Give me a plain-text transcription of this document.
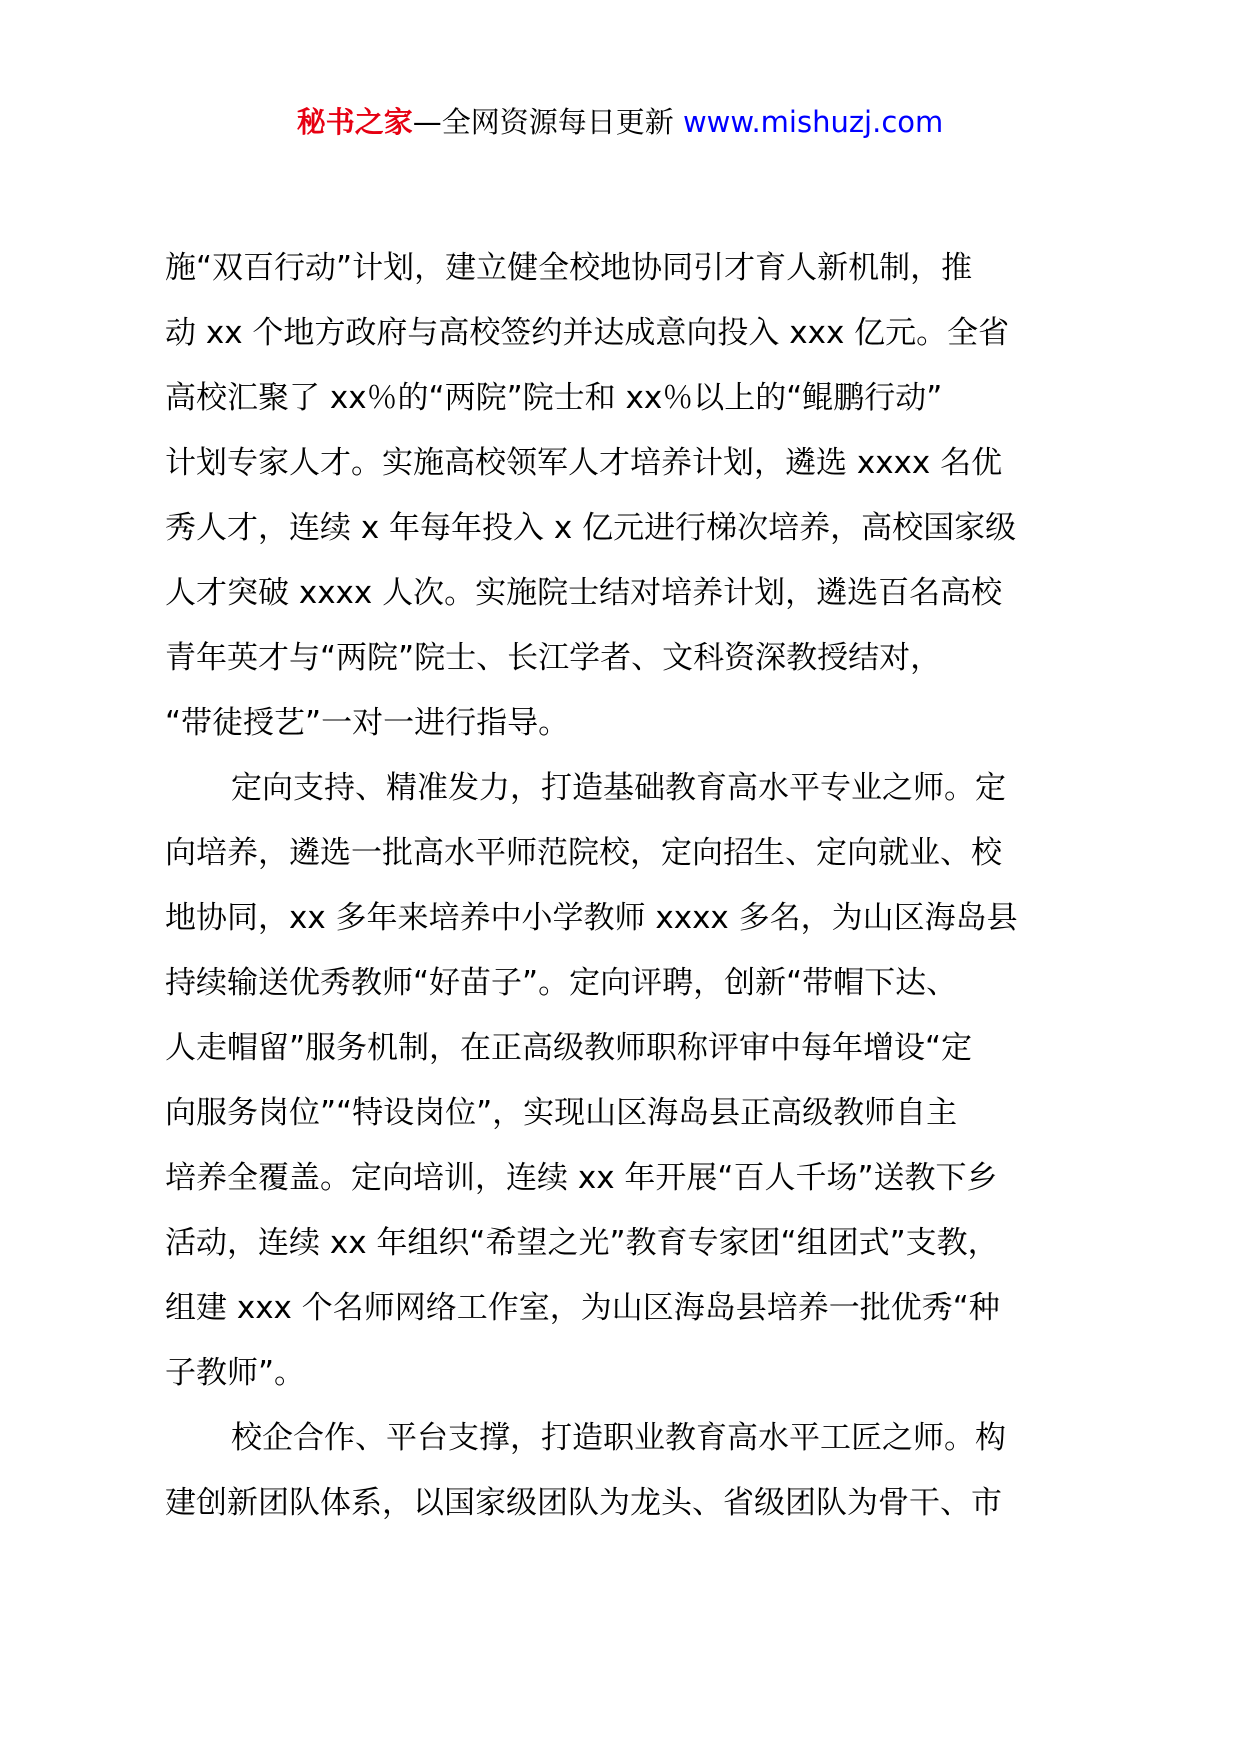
秘书之家—全网资源每日更新 www.mishuzj.com
施“双百行动”计划，建立健全校地协同引才育人新机制，推
动 xx 个地方政府与高校签约并达成意向投入 xxx 亿元。全省
高校汇聚了 xx％的“两院”院士和 xx％以上的“鲲鹏行动”
计划专家人才。实施高校领军人才培养计划，遴选 xxxx 名优
秀人才，连续 x 年每年投入 x 亿元进行梯次培养，高校国家级
人才突破 xxxx 人次。实施院士结对培养计划，遴选百名高校
青年英才与“两院”院士、长江学者、文科资深教授结对，
“带徒授艺”一对一进行指导。
定向支持、精准发力，打造基础教育高水平专业之师。定
向培养，遴选一批高水平师范院校，定向招生、定向就业、校
地协同，xx 多年来培养中小学教师 xxxx 多名，为山区海岛县
持续输送优秀教师“好苗子”。定向评聘，创新“带帽下达、
人走帽留”服务机制，在正高级教师职称评审中每年增设“定
向服务岗位”“特设岗位”，实现山区海岛县正高级教师自主
培养全覆盖。定向培训，连续 xx 年开展“百人千场”送教下乡
活动，连续 xx 年组织“希望之光”教育专家团“组团式”支教，
组建 xxx 个名师网络工作室，为山区海岛县培养一批优秀“种
子教师”。
校企合作、平台支撑，打造职业教育高水平工匠之师。构
建创新团队体系，以国家级团队为龙头、省级团队为骨干、市
